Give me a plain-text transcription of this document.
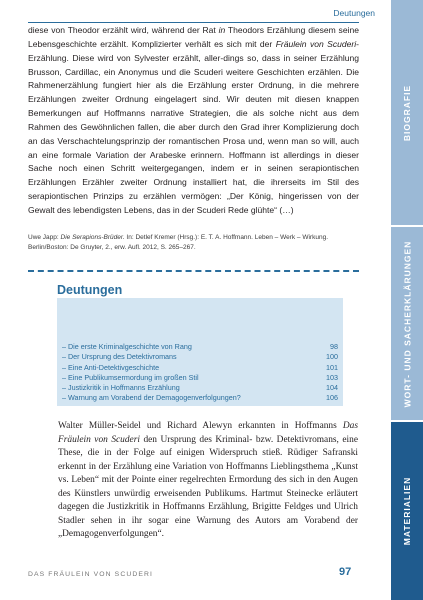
Deutungen

diese von Theodor erzählt wird, während der Rat in Theodors Erzählung diesem seine Lebensgeschichte erzählt. Komplizierter verhält es sich mit der Fräulein von Scuderi-Erzählung. Diese wird von Sylvester erzählt, aller-dings so, dass in seiner Erzählung Brusson, Cardillac, ein Anonymus und die Scuderi weitere Geschichten erzählen. Die Rahmenerzählung fungiert hier als die Erzählung erster Ordnung, in die mehrere Erzählungen zweiter Ordnung eingelagert sind. Wir deuten mit diesen knappen Bemerkungen auf Hoffmanns narrative Strategien, die als solche nicht aus dem Rahmen des Gewöhnlichen fallen, die aber durch den Grad ihrer Komplizierung doch an das Verschachtelungsprinzip der romantischen Prosa und, wenn man so will, auch an eine formale Variation der Arabeske erinnern. Hoffmann ist allerdings in dieser Sache noch einen Schritt weitergegangen, indem er in seinen serapiontischen Erzählungen Erzähler zweiter Ordnung installiert hat, die ihrerseits im Stil des serapiontischen Prinzips zu erzählen vermögen: „Der König, hingerissen von der Gewalt des lebendigsten Lebens, das in der Scuderi Rede glühte“ (…)

Uwe Japp: Die Serapions-Brüder. In: Detlef Kremer (Hrsg.): E. T. A. Hoffmann. Leben – Werk – Wirkung. Berlin/Boston: De Gruyter, 2., erw. Aufl. 2012, S. 265–267.

Deutungen
– Die erste Kriminalgeschichte von Rang	98
– Der Ursprung des Detektivromans	100
– Eine Anti-Detektivgeschichte	101
– Eine Publikumsermordung im großen Stil	103
– Justizkritik in Hoffmanns Erzählung	104
– Warnung am Vorabend der Demagogenverfolgungen?	106

Walter Müller-Seidel und Richard Alewyn erkannten in Hoffmanns Das Fräulein von Scuderi den Ursprung des Kriminal- bzw. Detektivromans, eine These, die in der Folge auf einigen Widerspruch stieß. Rüdiger Safranski erkennt in der Erzählung eine Variation von Hoffmanns Lieblingsthema „Kunst vs. Leben“ mit der Pointe einer regelrechten Ermordung des sich in den Augen des Künstlers unwürdig erweisenden Publikums. Hartmut Steinecke erläutert dagegen die Justizkritik in Hoffmanns Erzählung, Brigitte Feldges und Ulrich Stadler sehen in ihr sogar eine Warnung des Autors am Vorabend der „Demagogenverfolgungen“.

DAS FRÄULEIN VON SCUDERI	97
BIOGRAFIE
WORT- UND SACHERKLÄRUNGEN
MATERIALIEN
